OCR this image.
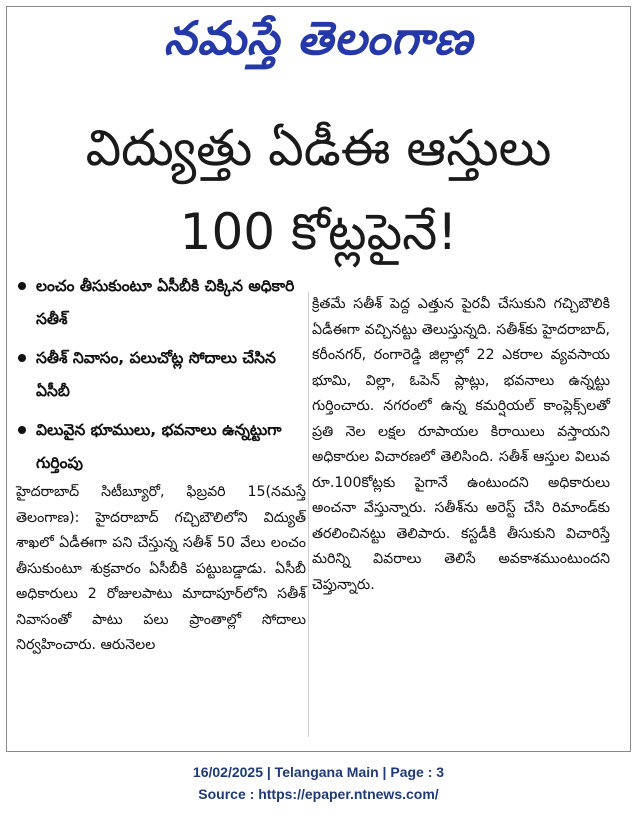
నమస్తే తెలంగాణ
విద్యుత్తు ఏడీఈ ఆస్తులు
100 కోట్లపైనే!
లంచం తీసుకుంటూ ఏసీబీకి చిక్కిన అధికారి సతీశ్
సతీశ్ నివాసం, పలుచోట్ల సోదాలు చేసిన ఏసీబీ
విలువైన భూములు, భవనాలు ఉన్నట్టుగా గుర్తింపు
హైదరాబాద్ సిటీబ్యూరో, ఫిబ్రవరి 15(నమస్తే తెలంగాణ): హైదరాబాద్ గచ్చిబౌలిలోని విద్యుత్ శాఖలో ఏడీఈగా పని చేస్తున్న సతీశ్ 50 వేలు లంచం తీసుకుంటూ శుక్రవారం ఏసీబీకి పట్టుబడ్డాడు. ఏసీబీ అధికారులు 2 రోజులపాటు మాదాపూర్‌లోని సతీశ్ నివాసంతో పాటు పలు ప్రాంతాల్లో సోదాలు నిర్వహించారు. ఆరునెలల
క్రితమే సతీశ్ పెద్ద ఎత్తున పైరవీ చేసుకుని గచ్చిబౌలికి ఏడీఈగా వచ్చినట్టు తెలుస్తున్నది. సతీశ్‌కు హైదరాబాద్, కరీంనగర్, రంగారెడ్డి జిల్లాల్లో 22 ఎకరాల వ్యవసాయ భూమి, విల్లా, ఓపెన్ ప్లాట్లు, భవనాలు ఉన్నట్టు గుర్తించారు. నగరంలో ఉన్న కమర్షియల్ కాంప్లెక్స్‌లతో ప్రతి నెల లక్షల రూపాయల కిరాయిలు వస్తాయని అధికారుల విచారణలో తెలిసింది. సతీశ్ ఆస్తుల విలువ రూ.100కోట్లకు పైగానే ఉంటుందని అధికారులు అంచనా వేస్తున్నారు. సతీశ్‌ను అరెస్ట్ చేసి రిమాండ్‌కు తరలించినట్టు తెలిపారు. కస్టడీకి తీసుకుని విచారిస్తే మరిన్ని వివరాలు తెలిసే అవకాశముంటుందని చెప్తున్నారు.
16/02/2025 | Telangana Main | Page : 3
Source : https://epaper.ntnews.com/
